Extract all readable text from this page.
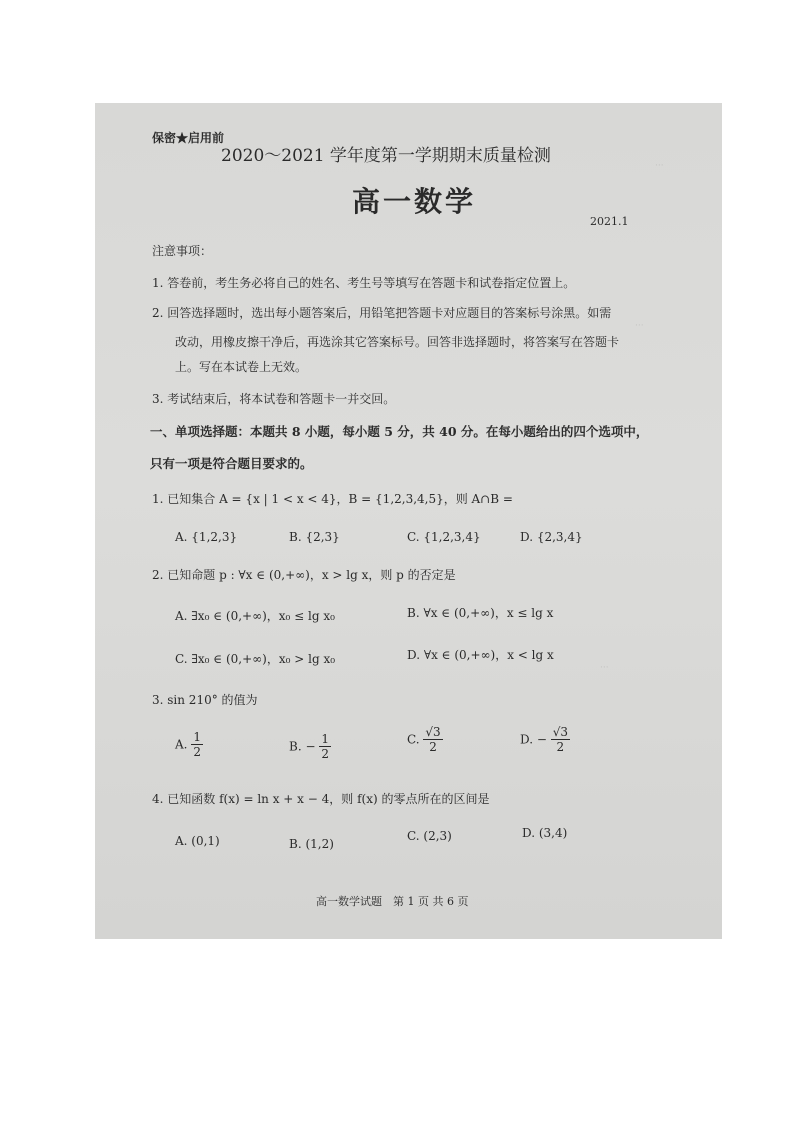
···
···
···
保密★启用前
2020～2021 学年度第一学期期末质量检测
高一数学
2021.1
注意事项：
1. 答卷前，考生务必将自己的姓名、考生号等填写在答题卡和试卷指定位置上。
2. 回答选择题时，选出每小题答案后，用铅笔把答题卡对应题目的答案标号涂黑。如需
改动，用橡皮擦干净后，再选涂其它答案标号。回答非选择题时，将答案写在答题卡
上。写在本试卷上无效。
3. 考试结束后，将本试卷和答题卡一并交回。
一、单项选择题：本题共 8 小题，每小题 5 分，共 40 分。在每小题给出的四个选项中，
只有一项是符合题目要求的。
1. 已知集合 A = {x | 1 < x < 4}，B = {1,2,3,4,5}，则 A∩B =
A. {1,2,3}	B. {2,3}	C. {1,2,3,4}	D. {2,3,4}
2. 已知命题 p : ∀x ∈ (0,+∞)，x > lg x，则 p 的否定是
A. ∃x₀ ∈ (0,+∞)，x₀ ≤ lg x₀	B. ∀x ∈ (0,+∞)，x ≤ lg x
C. ∃x₀ ∈ (0,+∞)，x₀ > lg x₀	D. ∀x ∈ (0,+∞)，x < lg x
3. sin 210° 的值为
A. $\frac{1}{2}$	B. − $\frac{1}{2}$	C. $\frac{√3}{2}$	D. − $\frac{√3}{2}$
4. 已知函数 f(x) = ln x + x − 4，则 f(x) 的零点所在的区间是
A. (0,1)	B. (1,2)
C. (2,3)	D. (3,4)
高一数学试题　第 1 页 共 6 页
